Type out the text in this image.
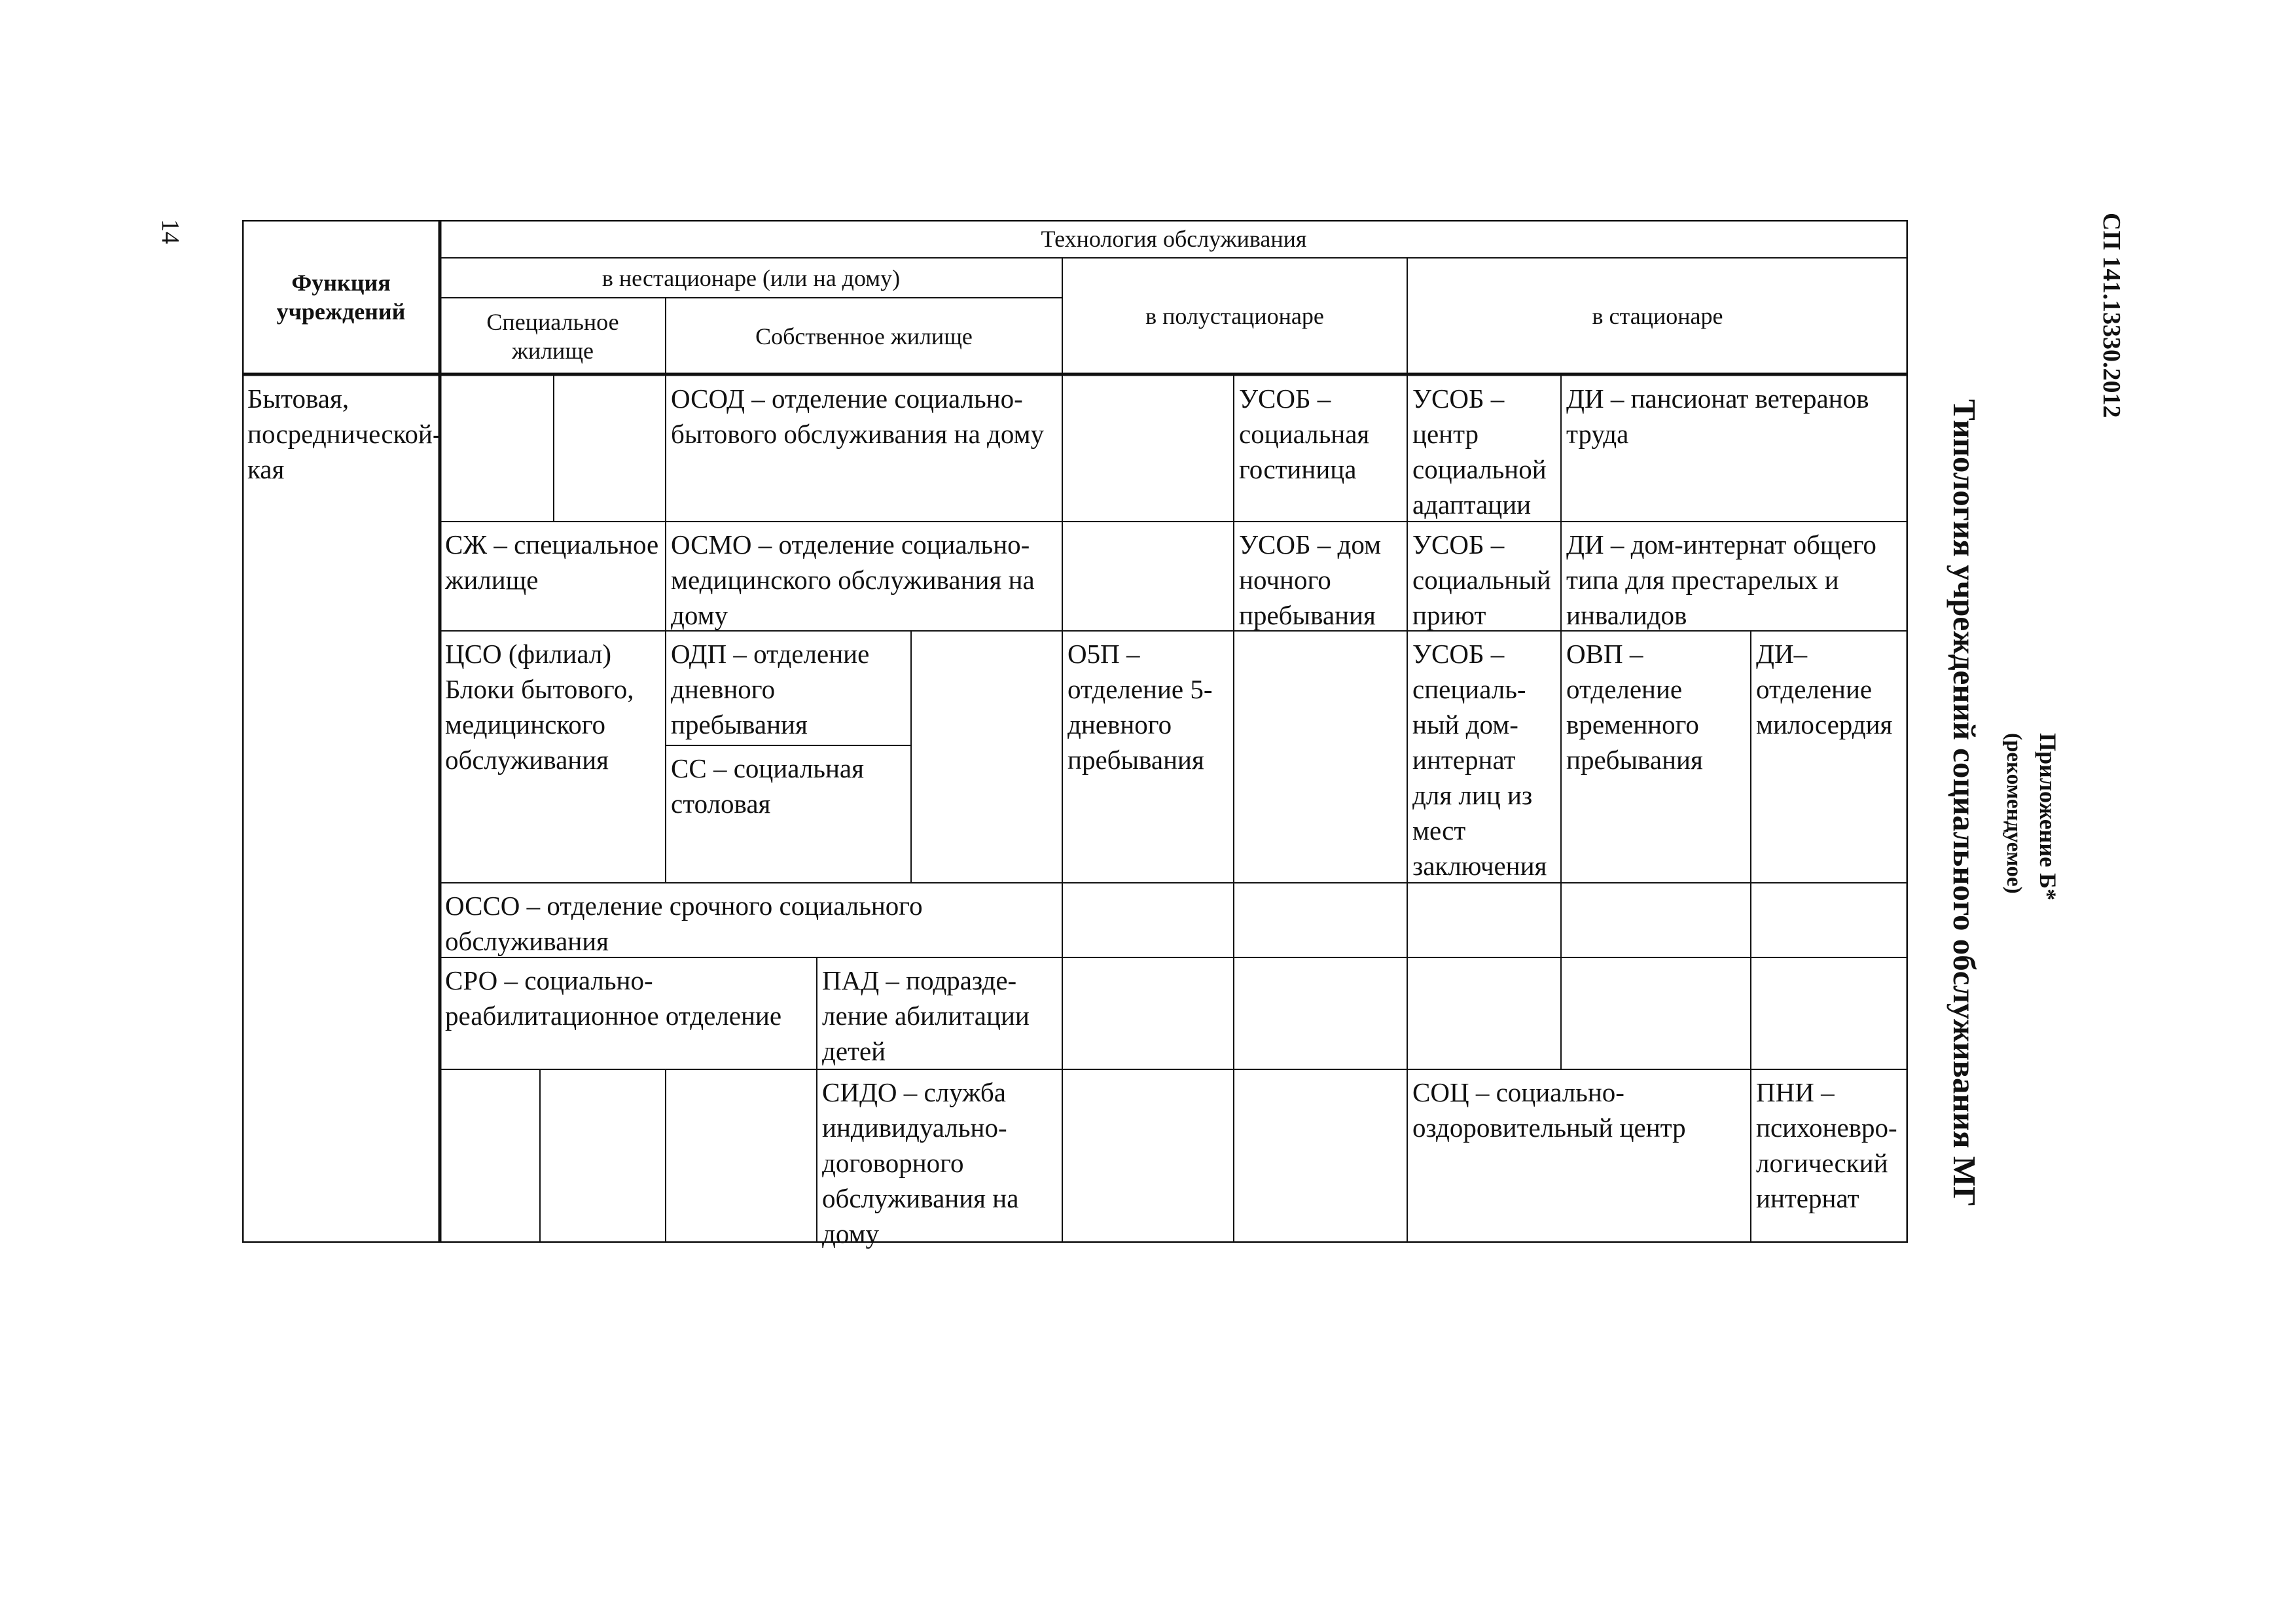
14	СП 141.13330.2012
Типология учреждений социального обслуживания МГ Приложение Б*
(рекомендуемое)
Функция учреждений
Технология обслуживания
в нестационаре (или на дому)
Специальное жилище
Собственное жилище
в полустационаре	в стационаре
Бытовая, посреднической-кая
ОСОД – отделение социально-бытового обслуживания на дому
УСОБ – социальная гостиница
УСОБ – центр социальной адаптации
ДИ – пансионат ветеранов труда
СЖ – специальное жилище
ОСМО – отделение социально-медицинского обслуживания на дому
УСОБ – дом ночного пребывания
УСОБ – социальный приют
ДИ – дом-интернат общего типа для престарелых и инвалидов
ЦСО (филиал) Блоки бытового, медицинского обслуживания
ОДП – отделение дневного пребывания
СС – социальная столовая
О5П – отделение 5-дневного пребывания
УСОБ – специаль-ный дом-интернат для лиц из мест заключения
ОВП – отделение временного пребывания
ДИ– отделение милосердия
ОССО – отделение срочного социального обслуживания
СРО – социально-реабилитационное отделение
ПАД – подразде-ление абилитации детей
СИДО – служба индивидуально-договорного обслуживания на дому
СОЦ – социально-оздоровительный центр
ПНИ – психоневро-логический интернат
